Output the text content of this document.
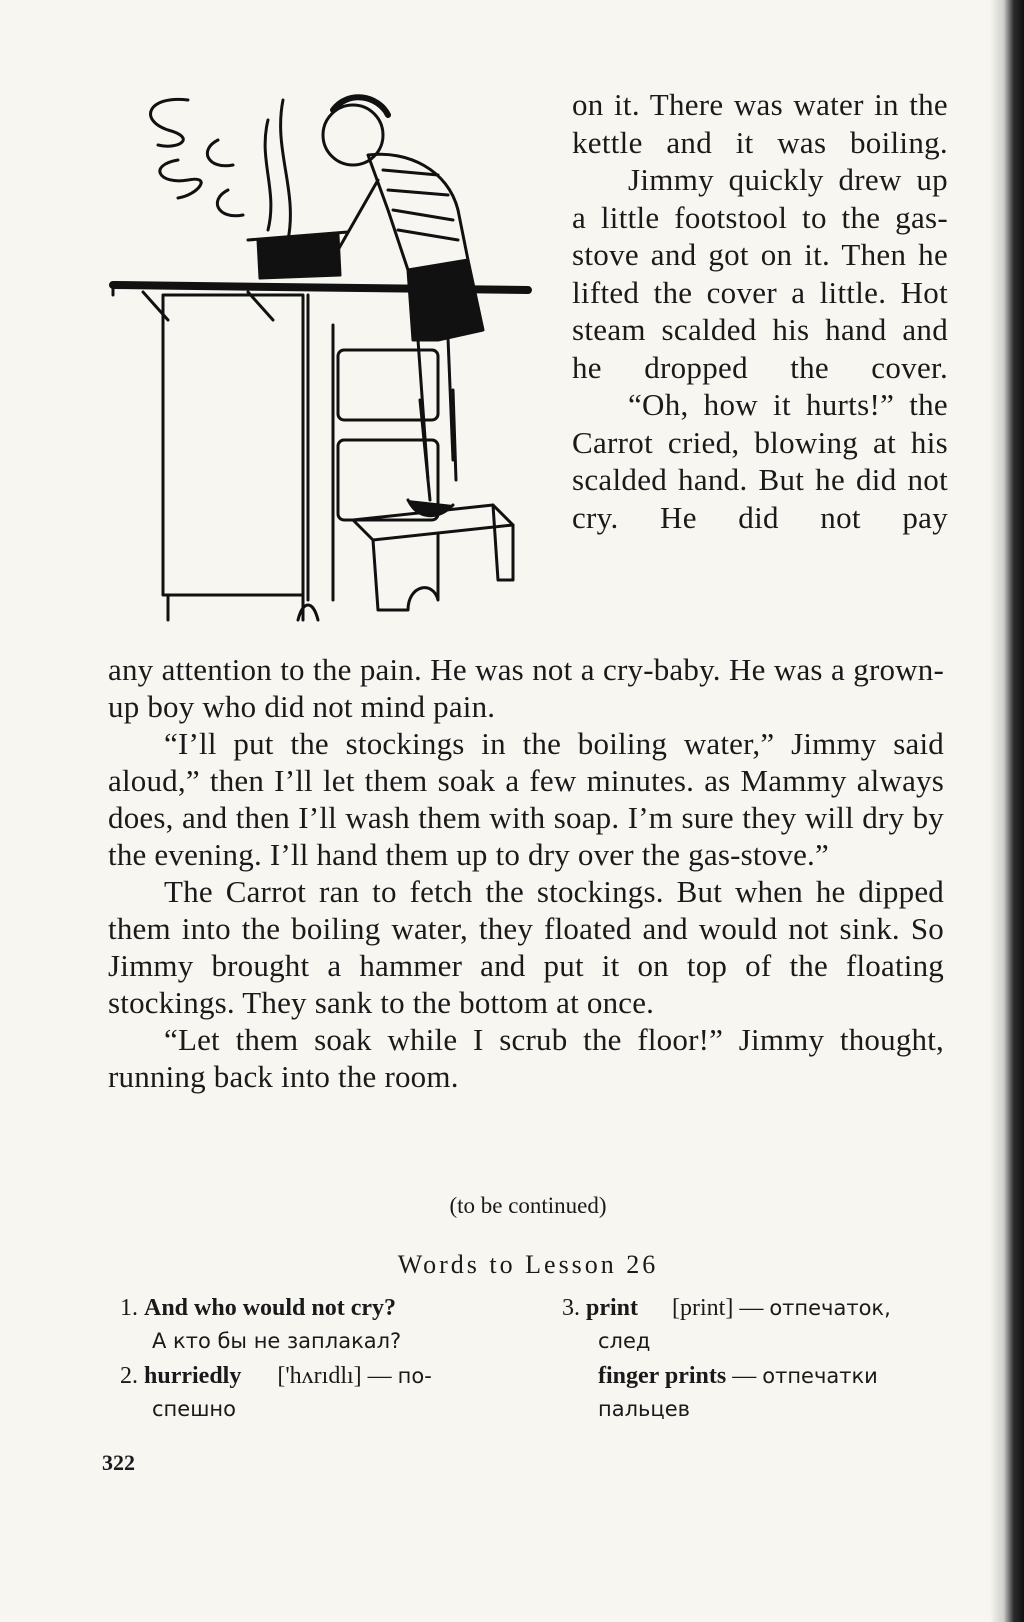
on it. There was water in the kettle and it was boiling.

Jimmy quickly drew up a little footstool to the gas-stove and got on it. Then he lifted the cover a little. Hot steam scalded his hand and he dropped the cover.

“Oh, how it hurts!” the Carrot cried, blowing at his scalded hand. But he did not cry. He did not pay

any attention to the pain. He was not a cry-baby. He was a grown-up boy who did not mind pain.

“I’ll put the stockings in the boiling water,” Jimmy said aloud,” then I’ll let them soak a few minutes. as Mammy always does, and then I’ll wash them with soap. I’m sure they will dry by the evening. I’ll hand them up to dry over the gas-stove.”

The Carrot ran to fetch the stockings. But when he dipped them into the boiling water, they floated and would not sink. So Jimmy brought a hammer and put it on top of the floating stockings. They sank to the bottom at once.

“Let them soak while I scrub the floor!” Jimmy thought, running back into the room.

(to be continued)
Words to Lesson 26
1. And who would not cry?
А кто бы не заплакал?
2. hurriedly ['hʌrıdlı] — по-
спешно
3. print [print] — отпечаток,
след
finger prints — отпечатки
пальцев
322
